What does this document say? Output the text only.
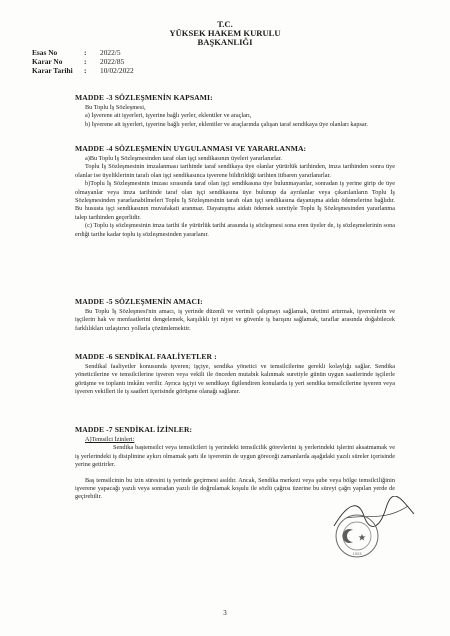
T.C.
YÜKSEK HAKEM KURULU
BAŞKANLIĞI
Esas No	: 2022/5
Karar No	: 2022/85
Karar Tarihi : 10/02/2022
MADDE -3 SÖZLEŞMENİN KAPSAMI:
Bu Toplu İş Sözleşmesi,
a) İşverene ait işyerleri, işyerine bağlı yerler, eklentiler ve araçları,
b) İşverene ait işyerleri, işyerine bağlı yerler, eklentiler ve araçlarında çalışan taraf sendikaya üye olanları kapsar.
MADDE -4 SÖZLEŞMENİN UYGULANMASI VE YARARLANMA:
a)Bu Toplu İş Sözleşmesinden taraf olan işçi sendikasının üyeleri yararlanırlar.
Toplu İş Sözleşmesinin imzalanması tarihinde taraf sendikaya üye olanlar yürürlük tarihinden, imza tarihinden sonra üye olanlar ise üyeliklerinin tarafı olan işçi sendikasınca işverene bildirildiği tarihten itibaren yararlanırlar.
b)Toplu İş Sözleşmesinin imzası sırasında taraf olan işçi sendikasına üye bulunmayanlar, sonradan iş yerine girip de üye olmayanlar veya imza tarihinde taraf olan işçi sendikasına üye bulunup da ayrılanlar veya çıkarılanların Toplu İş Sözleşmesinden yararlanabilmeleri Toplu İş Sözleşmesinin tarafı olan işçi sendikasına dayanışma aidatı ödemelerine bağlıdır. Bu hususta işçi sendikasının muvafakati aranmaz. Dayanışma aidatı ödemek suretiyle Toplu İş Sözleşmesinden yararlanma talep tarihinden geçerlidir.
(c) Toplu iş sözleşmesinin imza tarihi ile yürürlük tarihi arasında iş sözleşmesi sona eren üyeler de, iş sözleşmelerinin sona erdiği tarihe kadar toplu iş sözleşmesinden yararlanır.
MADDE -5 SÖZLEŞMENİN AMACI:
Bu Toplu İş Sözleşmesi'nin amacı, iş yerinde düzenli ve verimli çalışmayı sağlamak, üretimi artırmak, işverenlerin ve işçilerin hak ve menfaatlerini dengelemek, karşılıklı iyi niyet ve güvenle iş barışını sağlamak, taraflar arasında doğabilecek farklılıkları uzlaştırıcı yollarla çözümlemektir.
MADDE -6 SENDİKAL FAALİYETLER :
Sendikal faaliyetler konusunda işveren; işçiye, sendika yönetici ve temsilcilerine gerekli kolaylığı sağlar. Sendika yöneticilerine ve temsilcilerine işveren veya vekili ile önceden mutabık kalınmak suretiyle günün uygun saatlerinde işçilerle görüşme ve toplantı imkânı verilir. Ayrıca işçiyi ve sendikayı ilgilendiren konularda iş yeri sendika temsilcilerine işveren veya işveren vekilleri ile iş saatleri içerisinde görüşme olanağı sağlanır.
MADDE -7 SENDİKAL İZİNLER:
A)Temsilci İzinleri:
Sendika baştemsilci veya temsilcileri iş yerindeki temsilcilik görevlerini iş yerlerindeki işlerini aksatmamak ve iş yerlerindeki iş disiplinine aykırı olmamak şartı ile işverenin de uygun göreceği zamanlarda aşağıdaki yazılı süreler içerisinde yerine getirirler.
Baş temsilcinin bu izin süresini iş yerinde geçirmesi asıldır. Ancak, Sendika merkezi veya şube veya bölge temsilciliğinin işverene yapacağı yazılı veya sonradan yazılı ile doğrulamak koşulu ile sözlü çağrısı üzerine bu süreyi çağrı yapılan yerde de geçirebilir.
1923
3
